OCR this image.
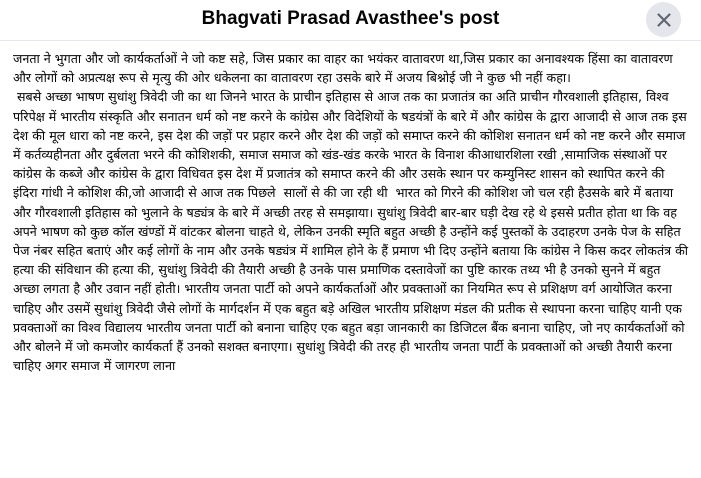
Bhagvati Prasad Avasthee's post

जनता ने भुगता और जो कार्यकर्ताओं ने जो कष्ट सहे, जिस प्रकार का वाहर का भयंकर वातावरण था,जिस प्रकार का अनावश्यक हिंसा का वातावरण और लोगों को अप्रत्यक्ष रूप से मृत्यु की ओर धकेलना का वातावरण रहा उसके बारे में अजय बिश्नोई जी ने कुछ भी नहीं कहा।

सबसे अच्छा भाषण सुधांशु त्रिवेदी जी का था जिनने भारत के प्राचीन इतिहास से आज तक का प्रजातंत्र का अति प्राचीन गौरवशाली इतिहास, विश्व परिपेक्ष में भारतीय संस्कृति और सनातन धर्म को नष्ट करने के कांग्रेस और विदेशियों के षडयंत्रों के बारे में और कांग्रेस के द्वारा आजादी से आज तक इस देश की मूल धारा को नष्ट करने, इस देश की जड़ों पर प्रहार करने और देश की जड़ों को समाप्त करने की कोशिश सनातन धर्म को नष्ट करने और समाज में कर्तव्यहीनता और दुर्बलता भरने की कोशिशकी, समाज समाज को खंड-खंड करके भारत के विनाश कीआधारशिला रखी ,सामाजिक संस्थाओं पर कांग्रेस के कब्जे और कांग्रेस के द्वारा विधिवत इस देश में प्रजातंत्र को समाप्त करने की और उसके स्थान पर कम्युनिस्ट शासन को स्थापित करने की इंदिरा गांधी ने कोशिश की,जो आजादी से आज तक पिछले  सालों से की जा रही थी  भारत को गिरने की कोशिश जो चल रही हैउसके बारे में बताया और गौरवशाली इतिहास को भुलाने के षड्यंत्र के बारे में अच्छी तरह से समझाया। सुधांशु त्रिवेदी बार-बार घड़ी देख रहे थे इससे प्रतीत होता था कि वह अपने भाषण को कुछ कॉल खंण्डों में वांटकर बोलना चाहते थे, लेकिन उनकी स्मृति बहुत अच्छी है उन्होंने कई पुस्तकों के उदाहरण उनके पेज के सहित पेज नंबर सहित बताएं और कई लोगों के नाम और उनके षड्यंत्र में शामिल होने के हैं प्रमाण भी दिए उन्होंने बताया कि कांग्रेस ने किस कदर लोकतंत्र की हत्या की संविधान की हत्या की, सुधांशु त्रिवेदी की तैयारी अच्छी है उनके पास प्रमाणिक दस्तावेजों का पुष्टि कारक तथ्य भी है उनको सुनने में बहुत अच्छा लगता है और उवान नहीं होती। भारतीय जनता पार्टी को अपने कार्यकर्ताओं और प्रवक्ताओं का नियमित रूप से प्रशिक्षण वर्ग आयोजित करना चाहिए और उसमें सुधांशु त्रिवेदी जैसे लोगों के मार्गदर्शन में एक बहुत बड़े अखिल भारतीय प्रशिक्षण मंडल की प्रतीक से स्थापना करना चाहिए यानी एक प्रवक्ताओं का विश्व विद्यालय भारतीय जनता पार्टी को बनाना चाहिए एक बहुत बड़ा जानकारी का डिजिटल बैंक बनाना चाहिए, जो नए कार्यकर्ताओं को और बोलने में जो कमजोर कार्यकर्ता हैं उनको सशक्त बनाएगा। सुधांशु त्रिवेदी की तरह ही भारतीय जनता पार्टी के प्रवक्ताओं को अच्छी तैयारी करना चाहिए अगर समाज में जागरण लाना
